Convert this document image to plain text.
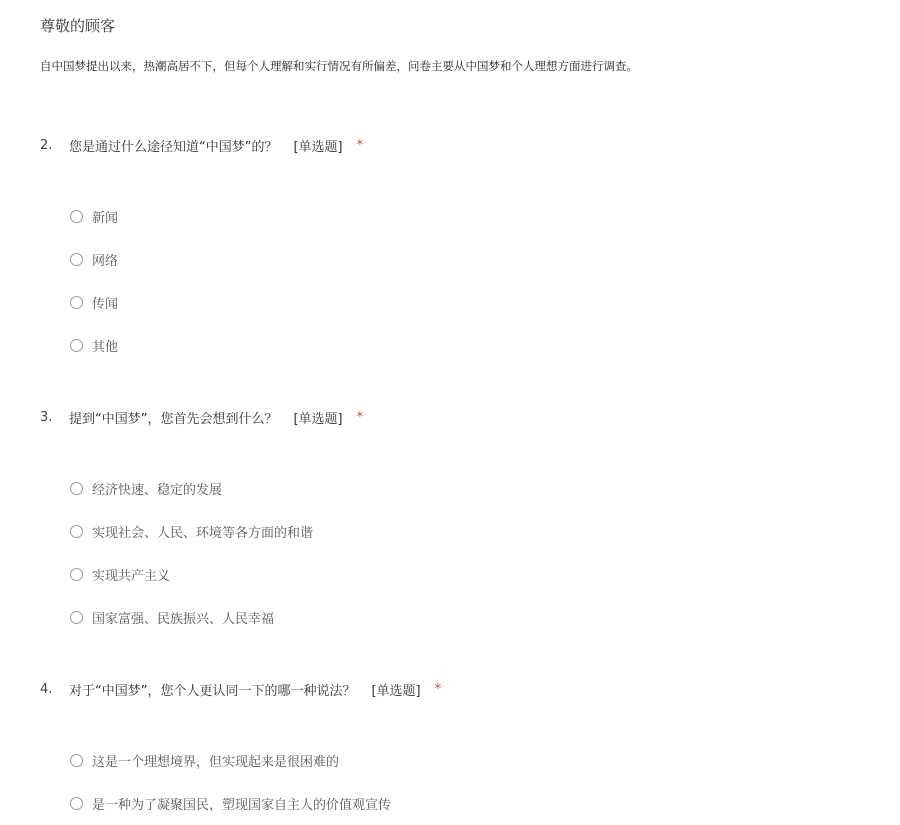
尊敬的顾客
自中国梦提出以来，热潮高居不下，但每个人理解和实行情况有所偏差，问卷主要从中国梦和个人理想方面进行调查。
2.	您是通过什么途径知道“中国梦”的？ [单选题] *
新闻
网络
传闻
其他
3.	提到“中国梦”，您首先会想到什么？ [单选题] *
经济快速、稳定的发展
实现社会、人民、环境等各方面的和谐
实现共产主义
国家富强、民族振兴、人民幸福
4.	对于“中国梦”，您个人更认同一下的哪一种说法？ [单选题] *
这是一个理想境界，但实现起来是很困难的
是一种为了凝聚国民，塑现国家自主人的价值观宣传
